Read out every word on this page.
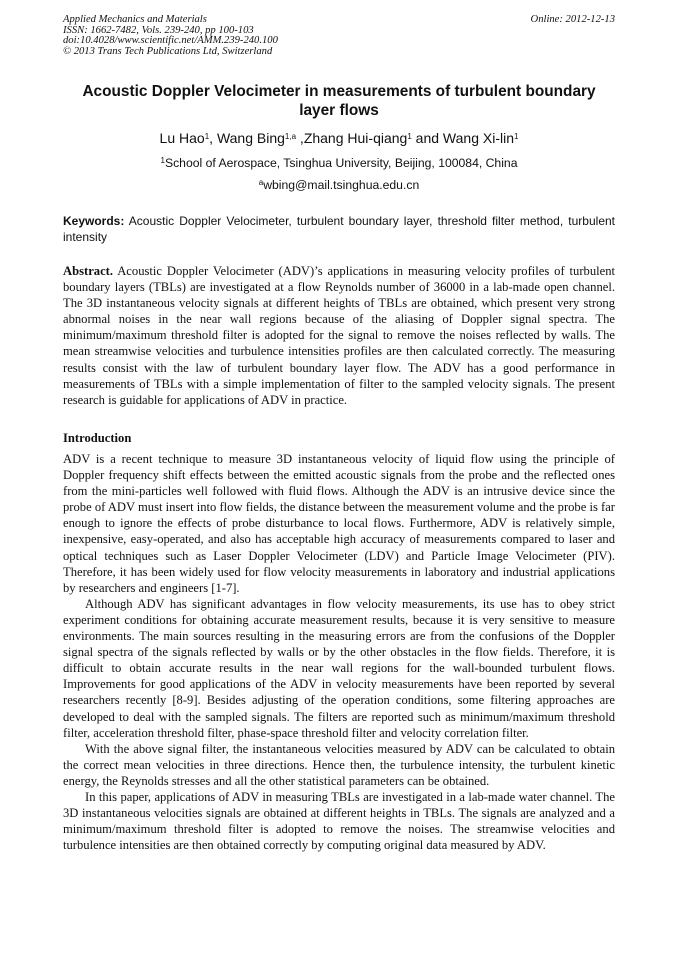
Applied Mechanics and Materials
ISSN: 1662-7482, Vols. 239-240, pp 100-103
doi:10.4028/www.scientific.net/AMM.239-240.100
© 2013 Trans Tech Publications Ltd, Switzerland
Online: 2012-12-13
Acoustic Doppler Velocimeter in measurements of turbulent boundary layer flows
Lu Hao$^1$, Wang Bing$^{1,a}$ ,Zhang Hui-qiang$^1$ and Wang Xi-lin$^1$
$^1$School of Aerospace, Tsinghua University, Beijing, 100084, China
$^a$wbing@mail.tsinghua.edu.cn
Keywords: Acoustic Doppler Velocimeter, turbulent boundary layer, threshold filter method, turbulent intensity
Abstract. Acoustic Doppler Velocimeter (ADV)’s applications in measuring velocity profiles of turbulent boundary layers (TBLs) are investigated at a flow Reynolds number of 36000 in a lab-made open channel. The 3D instantaneous velocity signals at different heights of TBLs are obtained, which present very strong abnormal noises in the near wall regions because of the aliasing of Doppler signal spectra. The minimum/maximum threshold filter is adopted for the signal to remove the noises reflected by walls. The mean streamwise velocities and turbulence intensities profiles are then calculated correctly. The measuring results consist with the law of turbulent boundary layer flow. The ADV has a good performance in measurements of TBLs with a simple implementation of filter to the sampled velocity signals. The present research is guidable for applications of ADV in practice.
Introduction

ADV is a recent technique to measure 3D instantaneous velocity of liquid flow using the principle of Doppler frequency shift effects between the emitted acoustic signals from the probe and the reflected ones from the mini-particles well followed with fluid flows. Although the ADV is an intrusive device since the probe of ADV must insert into flow fields, the distance between the measurement volume and the probe is far enough to ignore the effects of probe disturbance to local flows. Furthermore, ADV is relatively simple, inexpensive, easy-operated, and also has acceptable high accuracy of measurements compared to laser and optical techniques such as Laser Doppler Velocimeter (LDV) and Particle Image Velocimeter (PIV). Therefore, it has been widely used for flow velocity measurements in laboratory and industrial applications by researchers and engineers [1-7].

Although ADV has significant advantages in flow velocity measurements, its use has to obey strict experiment conditions for obtaining accurate measurement results, because it is very sensitive to measure environments. The main sources resulting in the measuring errors are from the confusions of the Doppler signal spectra of the signals reflected by walls or by the other obstacles in the flow fields. Therefore, it is difficult to obtain accurate results in the near wall regions for the wall-bounded turbulent flows. Improvements for good applications of the ADV in velocity measurements have been reported by several researchers recently [8-9]. Besides adjusting of the operation conditions, some filtering approaches are developed to deal with the sampled signals. The filters are reported such as minimum/maximum threshold filter, acceleration threshold filter, phase-space threshold filter and velocity correlation filter.

With the above signal filter, the instantaneous velocities measured by ADV can be calculated to obtain the correct mean velocities in three directions. Hence then, the turbulence intensity, the turbulent kinetic energy, the Reynolds stresses and all the other statistical parameters can be obtained.

In this paper, applications of ADV in measuring TBLs are investigated in a lab-made water channel. The 3D instantaneous velocities signals are obtained at different heights in TBLs. The signals are analyzed and a minimum/maximum threshold filter is adopted to remove the noises. The streamwise velocities and turbulence intensities are then obtained correctly by computing original data measured by ADV.
